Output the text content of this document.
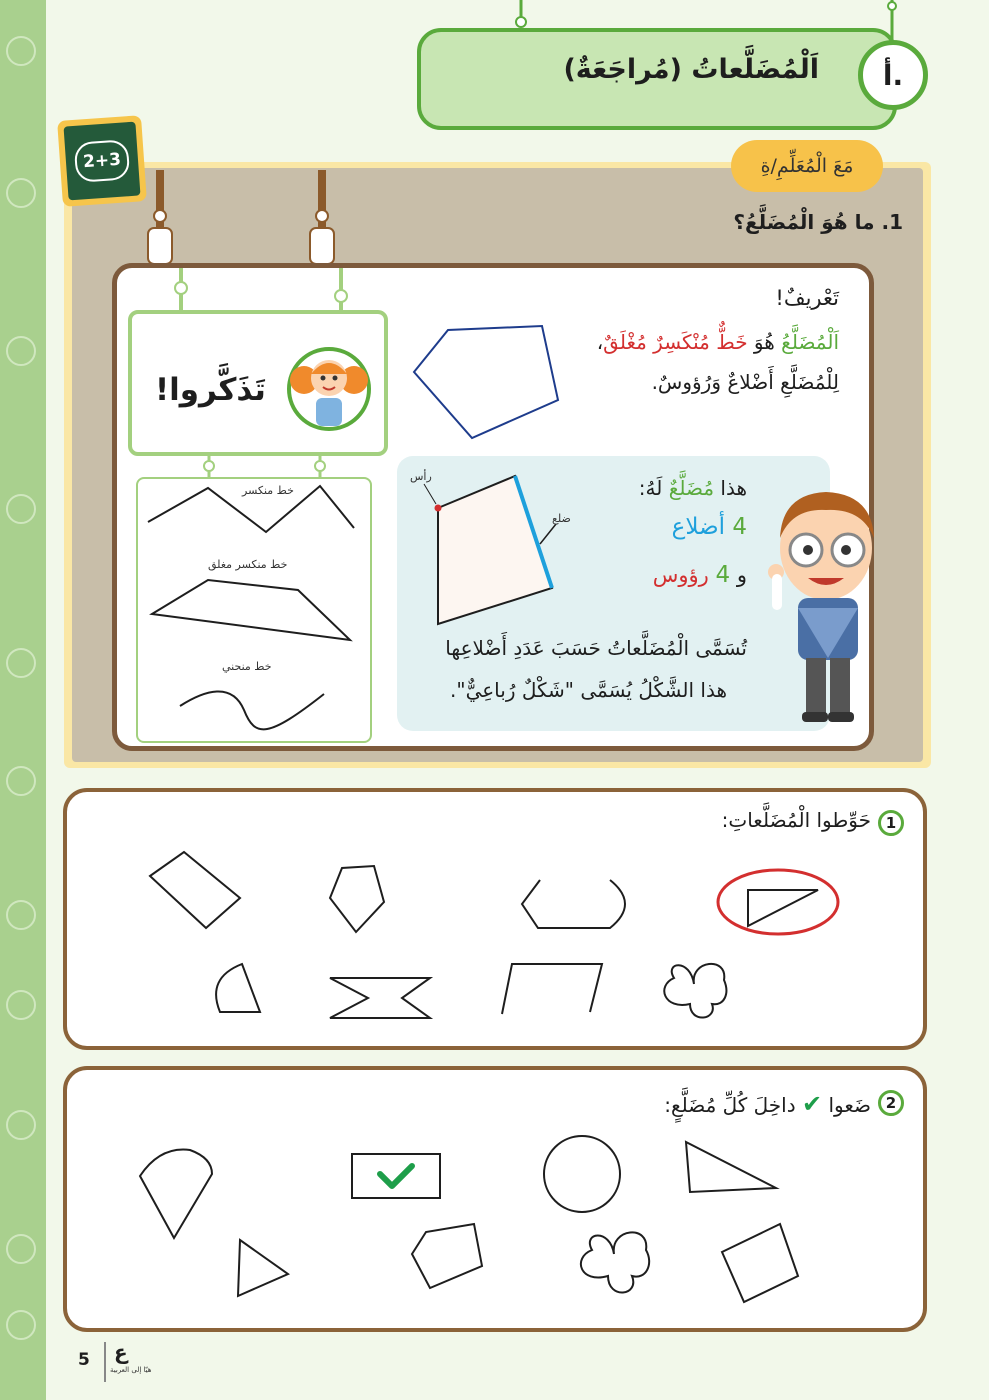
اَلْمُضَلَّعاتُ (مُراجَعَةٌ) أ.
2+3	مَعَ الْمُعَلِّمِ/ةِ
1. ما هُوَ الْمُضَلَّعُ؟
تَعْريفٌ!
اَلْمُضَلَّعُ هُوَ خَطٌّ مُنْكَسِرٌ مُغْلَقٌ،
لِلْمُضَلَّعِ أَضْلاعٌ وَرُؤوسٌ.
تَذَكَّروا!
خط منكسر
خط منكسر مغلق
خط منحني
رأس
ضلع
هذا مُضَلَّعٌ لَهُ:
4 أضلاع
و 4 رؤوس
تُسَمَّى الْمُضَلَّعاتُ حَسَبَ عَدَدِ أَضْلاعِها
هذا الشَّكْلُ يُسَمَّى "شَكْلٌ رُباعِيٌّ".
1
حَوِّطوا الْمُضَلَّعاتِ:
2
ضَعوا ✔ داخِلَ كُلِّ مُضَلَّعٍ:
5 ع
هيّا إلى العربية
